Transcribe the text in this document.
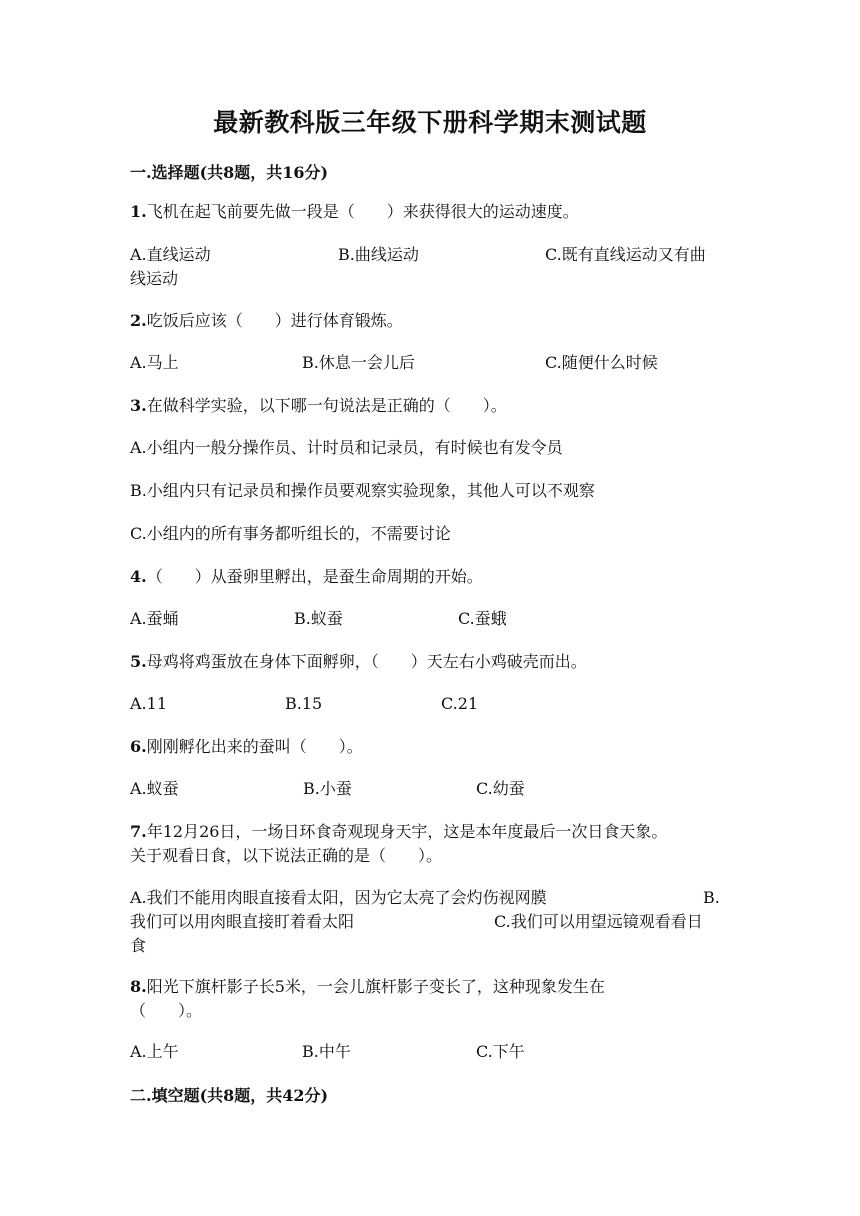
最新教科版三年级下册科学期末测试题
一.选择题(共8题，共16分)
1.飞机在起飞前要先做一段是（　　）来获得很大的运动速度。
A.直线运动	B.曲线运动	C.既有直线运动又有曲
线运动
2.吃饭后应该（　　）进行体育锻炼。
A.马上	B.休息一会儿后	C.随便什么时候
3.在做科学实验，以下哪一句说法是正确的（　　）。
A.小组内一般分操作员、计时员和记录员，有时候也有发令员
B.小组内只有记录员和操作员要观察实验现象，其他人可以不观察
C.小组内的所有事务都听组长的，不需要讨论
4.（　　）从蚕卵里孵出，是蚕生命周期的开始。
A.蚕蛹	B.蚁蚕	C.蚕蛾
5.母鸡将鸡蛋放在身体下面孵卵，（　　）天左右小鸡破壳而出。
A.11	B.15	C.21
6.刚刚孵化出来的蚕叫（　　）。
A.蚁蚕	B.小蚕	C.幼蚕
7.年12月26日，一场日环食奇观现身天宇，这是本年度最后一次日食天象。
关于观看日食，以下说法正确的是（　　）。
A.我们不能用肉眼直接看太阳，因为它太亮了会灼伤视网膜	B.
我们可以用肉眼直接盯着看太阳	C.我们可以用望远镜观看看日
食
8.阳光下旗杆影子长5米，一会儿旗杆影子变长了，这种现象发生在
（　　）。
A.上午	B.中午	C.下午
二.填空题(共8题，共42分)
